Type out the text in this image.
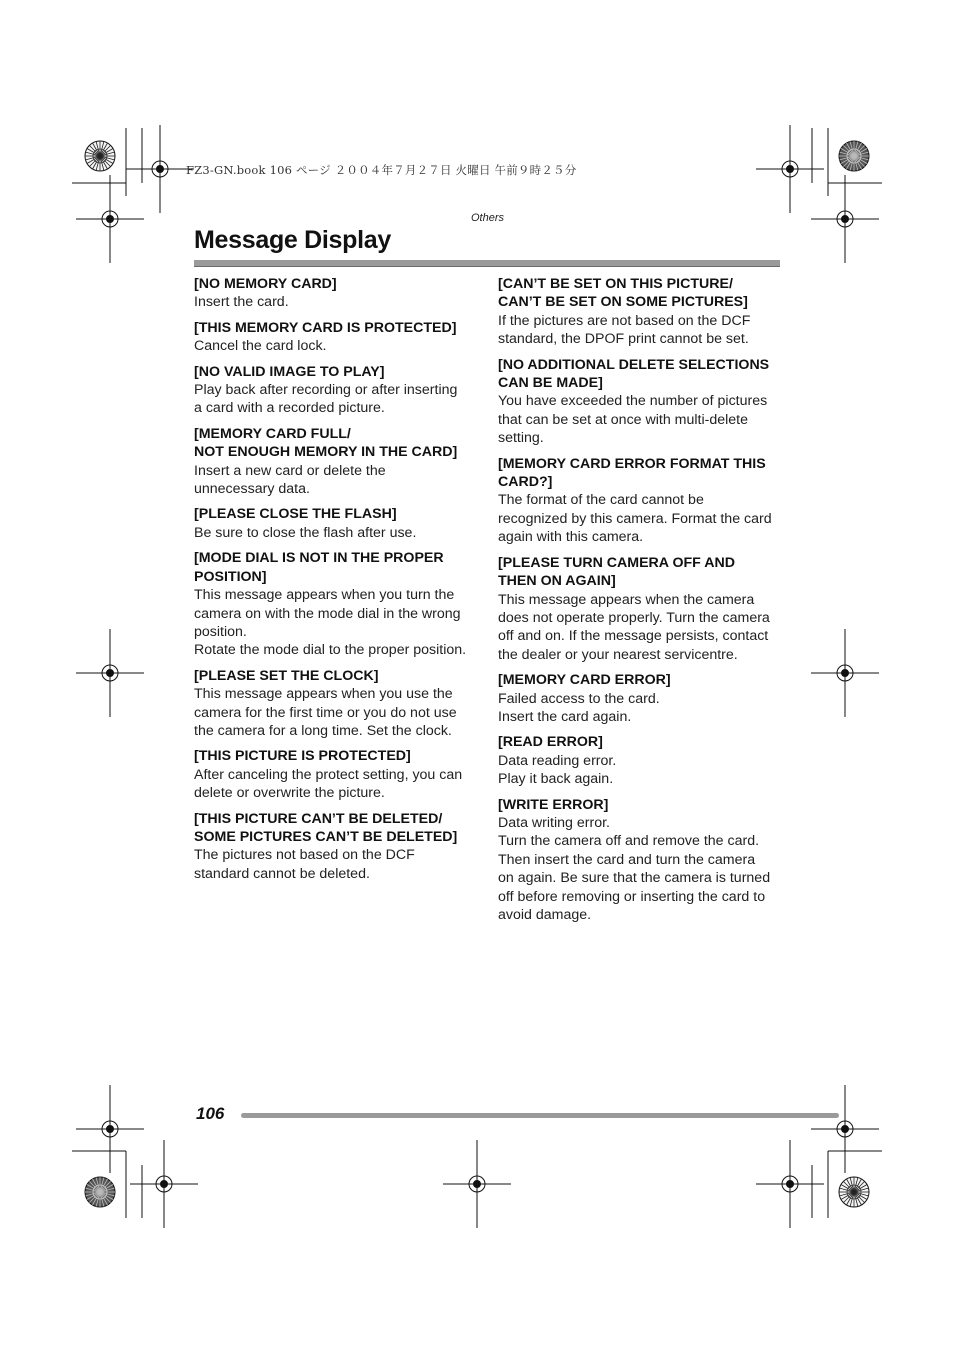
FZ3-GN.book 106 ページ ２００４年７月２７日 火曜日 午前９時２５分
Others
Message Display
[NO MEMORY CARD]
Insert the card.
[THIS MEMORY CARD IS PROTECTED]
Cancel the card lock.
[NO VALID IMAGE TO PLAY]
Play back after recording or after inserting
a card with a recorded picture.
[MEMORY CARD FULL/
NOT ENOUGH MEMORY IN THE CARD]
Insert a new card or delete the
unnecessary data.
[PLEASE CLOSE THE FLASH]
Be sure to close the flash after use.
[MODE DIAL IS NOT IN THE PROPER
POSITION]
This message appears when you turn the
camera on with the mode dial in the wrong
position.
Rotate the mode dial to the proper position.
[PLEASE SET THE CLOCK]
This message appears when you use the
camera for the first time or you do not use
the camera for a long time. Set the clock.
[THIS PICTURE IS PROTECTED]
After canceling the protect setting, you can
delete or overwrite the picture.
[THIS PICTURE CAN’T BE DELETED/
SOME PICTURES CAN’T BE DELETED]
The pictures not based on the DCF
standard cannot be deleted.
[CAN’T BE SET ON THIS PICTURE/
CAN’T BE SET ON SOME PICTURES]
If the pictures are not based on the DCF
standard, the DPOF print cannot be set.
[NO ADDITIONAL DELETE SELECTIONS
CAN BE MADE]
You have exceeded the number of pictures
that can be set at once with multi-delete
setting.
[MEMORY CARD ERROR FORMAT THIS
CARD?]
The format of the card cannot be
recognized by this camera. Format the card
again with this camera.
[PLEASE TURN CAMERA OFF AND
THEN ON AGAIN]
This message appears when the camera
does not operate properly. Turn the camera
off and on. If the message persists, contact
the dealer or your nearest servicentre.
[MEMORY CARD ERROR]
Failed access to the card.
Insert the card again.
[READ ERROR]
Data reading error.
Play it back again.
[WRITE ERROR]
Data writing error.
Turn the camera off and remove the card.
Then insert the card and turn the camera
on again. Be sure that the camera is turned
off before removing or inserting the card to
avoid damage.
106
